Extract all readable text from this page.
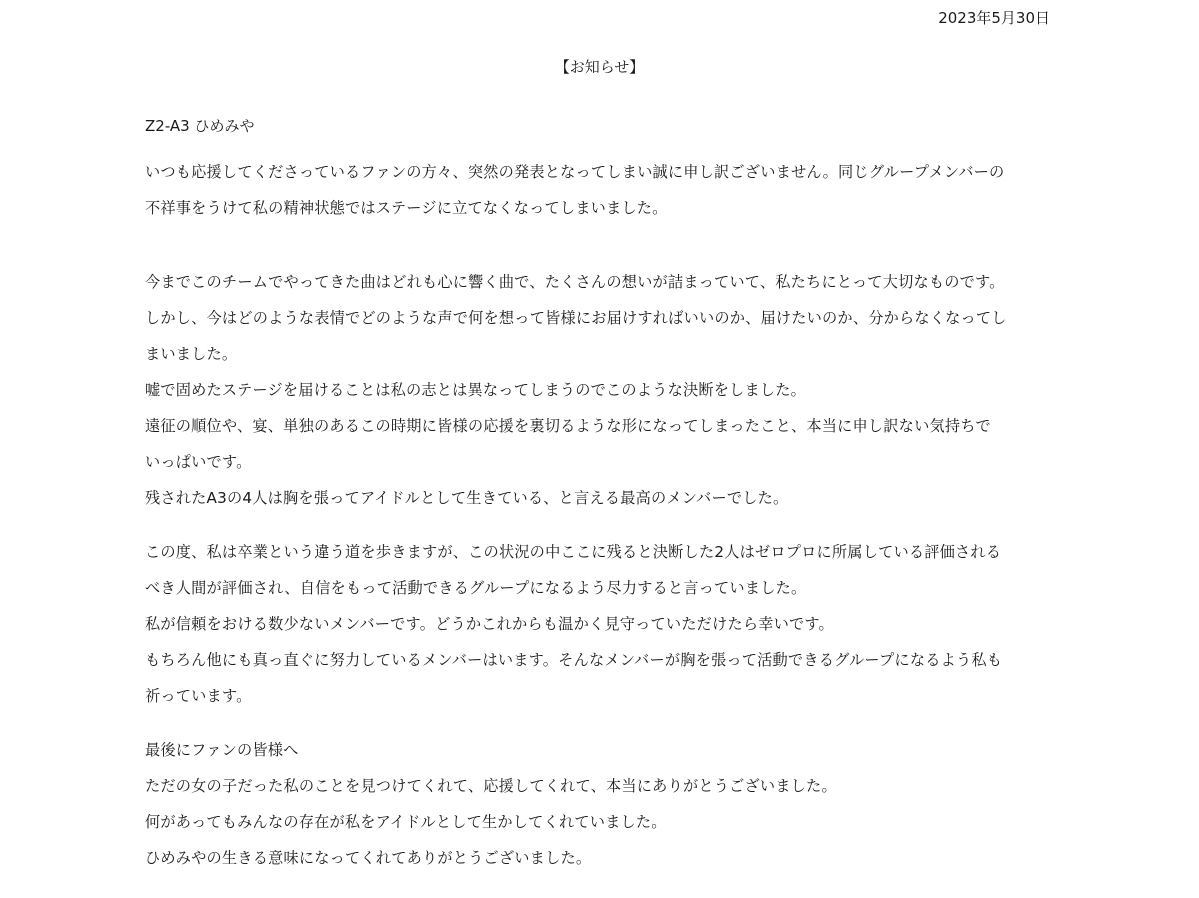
2023年5月30日
【お知らせ】
Z2-A3 ひめみや
いつも応援してくださっているファンの方々、突然の発表となってしまい誠に申し訳ございません。同じグループメンバーの
不祥事をうけて私の精神状態ではステージに立てなくなってしまいました。
今までこのチームでやってきた曲はどれも心に響く曲で、たくさんの想いが詰まっていて、私たちにとって大切なものです。
しかし、今はどのような表情でどのような声で何を想って皆様にお届けすればいいのか、届けたいのか、分からなくなってし
まいました。
嘘で固めたステージを届けることは私の志とは異なってしまうのでこのような決断をしました。
遠征の順位や、宴、単独のあるこの時期に皆様の応援を裏切るような形になってしまったこと、本当に申し訳ない気持ちで
いっぱいです。
残されたA3の4人は胸を張ってアイドルとして生きている、と言える最高のメンバーでした。
この度、私は卒業という違う道を歩きますが、この状況の中ここに残ると決断した2人はゼロプロに所属している評価される
べき人間が評価され、自信をもって活動できるグループになるよう尽力すると言っていました。
私が信頼をおける数少ないメンバーです。どうかこれからも温かく見守っていただけたら幸いです。
もちろん他にも真っ直ぐに努力しているメンバーはいます。そんなメンバーが胸を張って活動できるグループになるよう私も
祈っています。
最後にファンの皆様へ
ただの女の子だった私のことを見つけてくれて、応援してくれて、本当にありがとうございました。
何があってもみんなの存在が私をアイドルとして生かしてくれていました。
ひめみやの生きる意味になってくれてありがとうございました。
